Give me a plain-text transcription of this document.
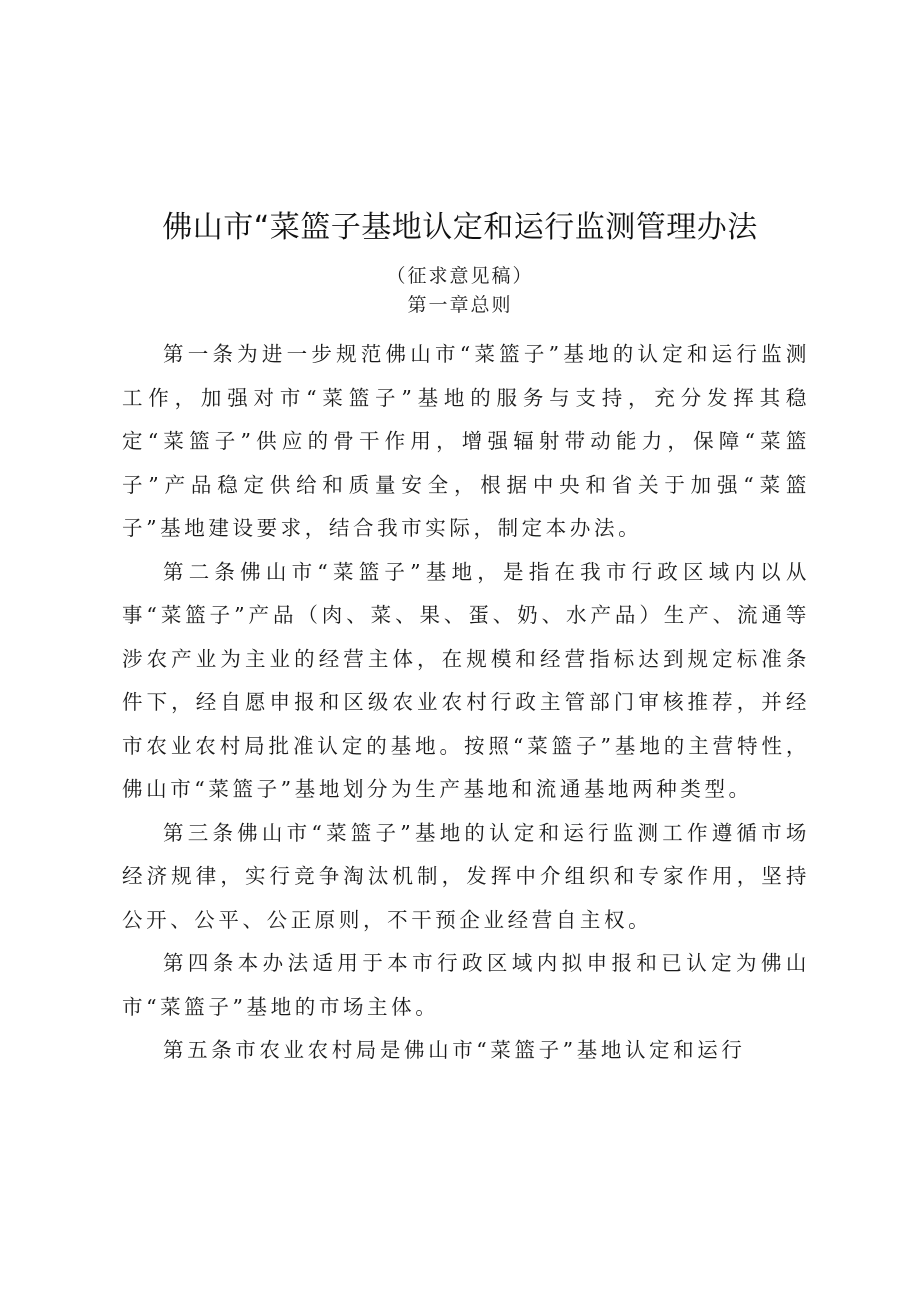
佛山市“菜篮子基地认定和运行监测管理办法
（征求意见稿）
第一章总则

第一条为进一步规范佛山市“菜篮子”基地的认定和运行监测工作，加强对市“菜篮子”基地的服务与支持，充分发挥其稳定“菜篮子”供应的骨干作用，增强辐射带动能力，保障“菜篮子”产品稳定供给和质量安全，根据中央和省关于加强“菜篮子”基地建设要求，结合我市实际，制定本办法。

第二条佛山市“菜篮子”基地，是指在我市行政区域内以从事“菜篮子”产品（肉、菜、果、蛋、奶、水产品）生产、流通等涉农产业为主业的经营主体，在规模和经营指标达到规定标准条件下，经自愿申报和区级农业农村行政主管部门审核推荐，并经市农业农村局批准认定的基地。按照“菜篮子”基地的主营特性，佛山市“菜篮子”基地划分为生产基地和流通基地两种类型。

第三条佛山市“菜篮子”基地的认定和运行监测工作遵循市场经济规律，实行竞争淘汰机制，发挥中介组织和专家作用，坚持公开、公平、公正原则，不干预企业经营自主权。

第四条本办法适用于本市行政区域内拟申报和已认定为佛山市“菜篮子”基地的市场主体。

第五条市农业农村局是佛山市“菜篮子”基地认定和运行
